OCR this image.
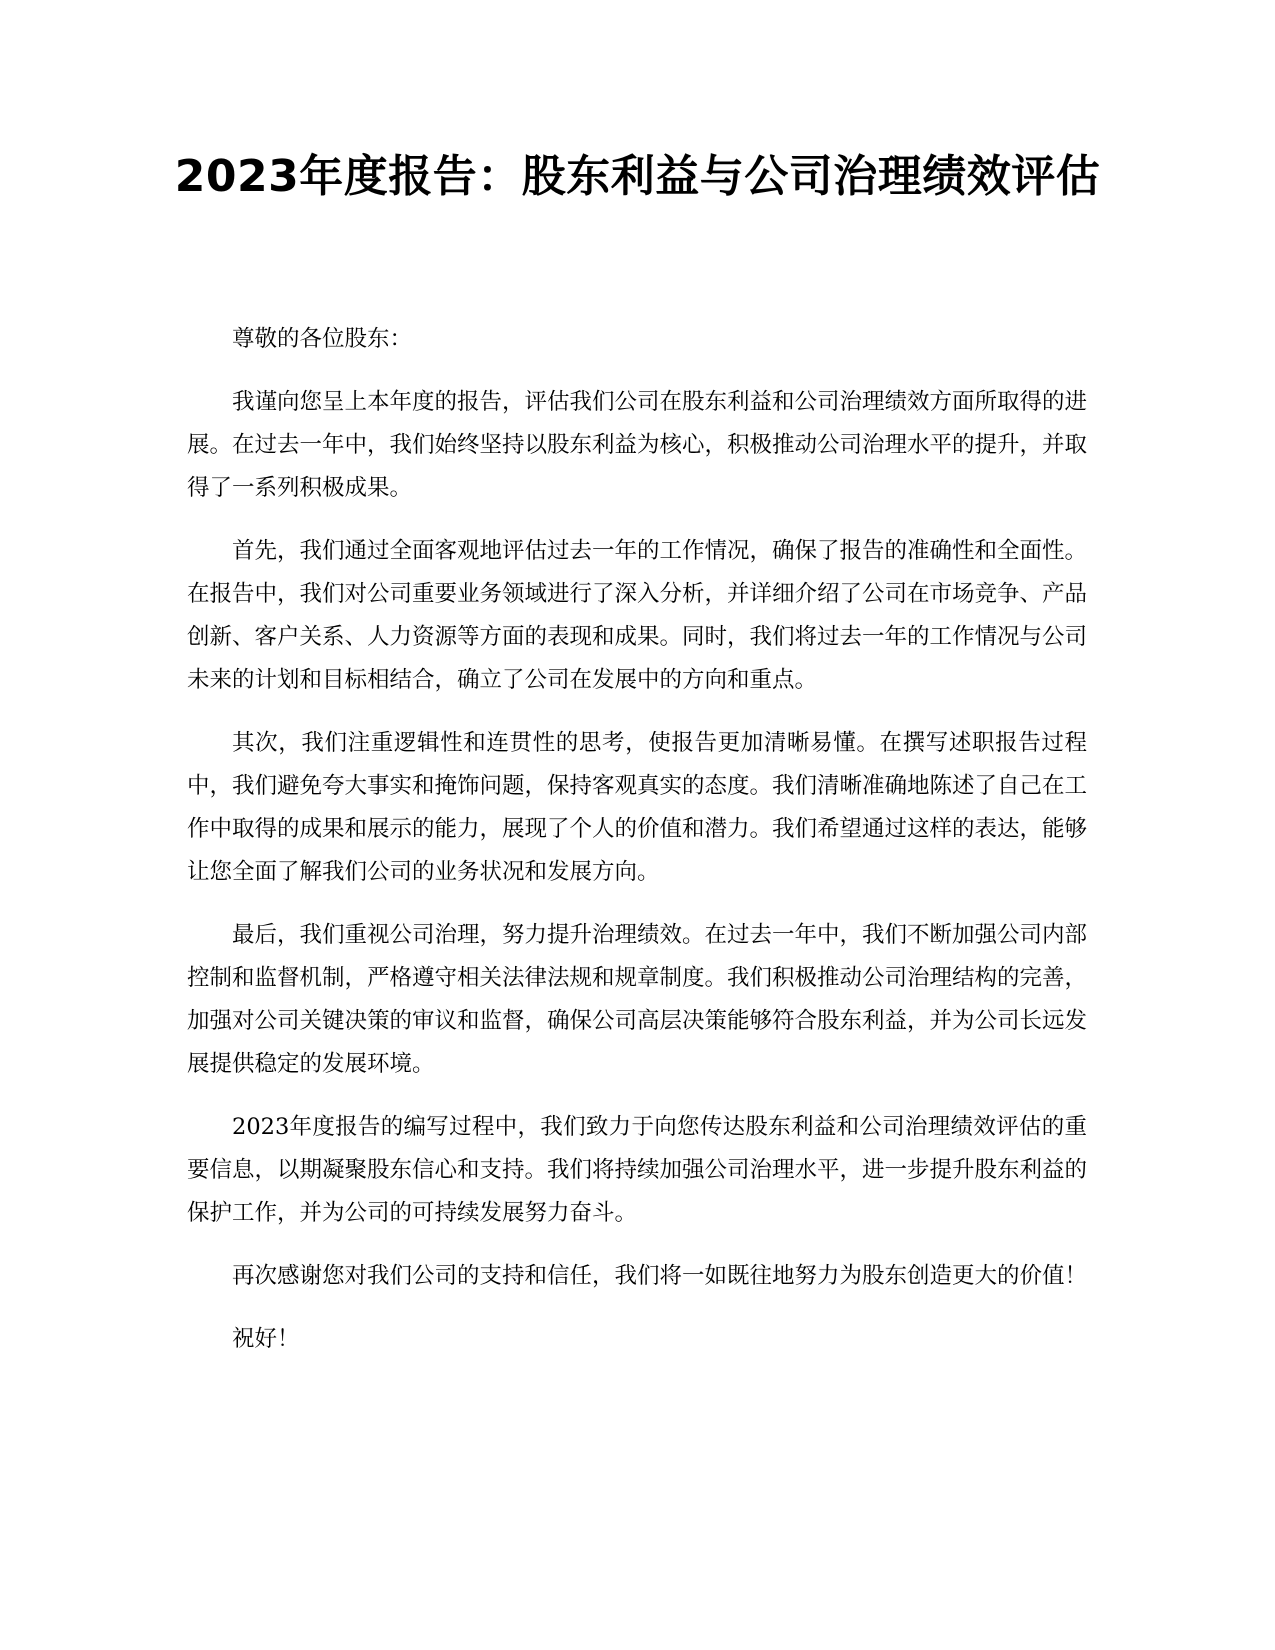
2023年度报告：股东利益与公司治理绩效评估

尊敬的各位股东：

我谨向您呈上本年度的报告，评估我们公司在股东利益和公司治理绩效方面所取得的进展。在过去一年中，我们始终坚持以股东利益为核心，积极推动公司治理水平的提升，并取得了一系列积极成果。

首先，我们通过全面客观地评估过去一年的工作情况，确保了报告的准确性和全面性。在报告中，我们对公司重要业务领域进行了深入分析，并详细介绍了公司在市场竞争、产品创新、客户关系、人力资源等方面的表现和成果。同时，我们将过去一年的工作情况与公司未来的计划和目标相结合，确立了公司在发展中的方向和重点。

其次，我们注重逻辑性和连贯性的思考，使报告更加清晰易懂。在撰写述职报告过程中，我们避免夸大事实和掩饰问题，保持客观真实的态度。我们清晰准确地陈述了自己在工作中取得的成果和展示的能力，展现了个人的价值和潜力。我们希望通过这样的表达，能够让您全面了解我们公司的业务状况和发展方向。

最后，我们重视公司治理，努力提升治理绩效。在过去一年中，我们不断加强公司内部控制和监督机制，严格遵守相关法律法规和规章制度。我们积极推动公司治理结构的完善，加强对公司关键决策的审议和监督，确保公司高层决策能够符合股东利益，并为公司长远发展提供稳定的发展环境。

2023年度报告的编写过程中，我们致力于向您传达股东利益和公司治理绩效评估的重要信息，以期凝聚股东信心和支持。我们将持续加强公司治理水平，进一步提升股东利益的保护工作，并为公司的可持续发展努力奋斗。

再次感谢您对我们公司的支持和信任，我们将一如既往地努力为股东创造更大的价值！

祝好！
